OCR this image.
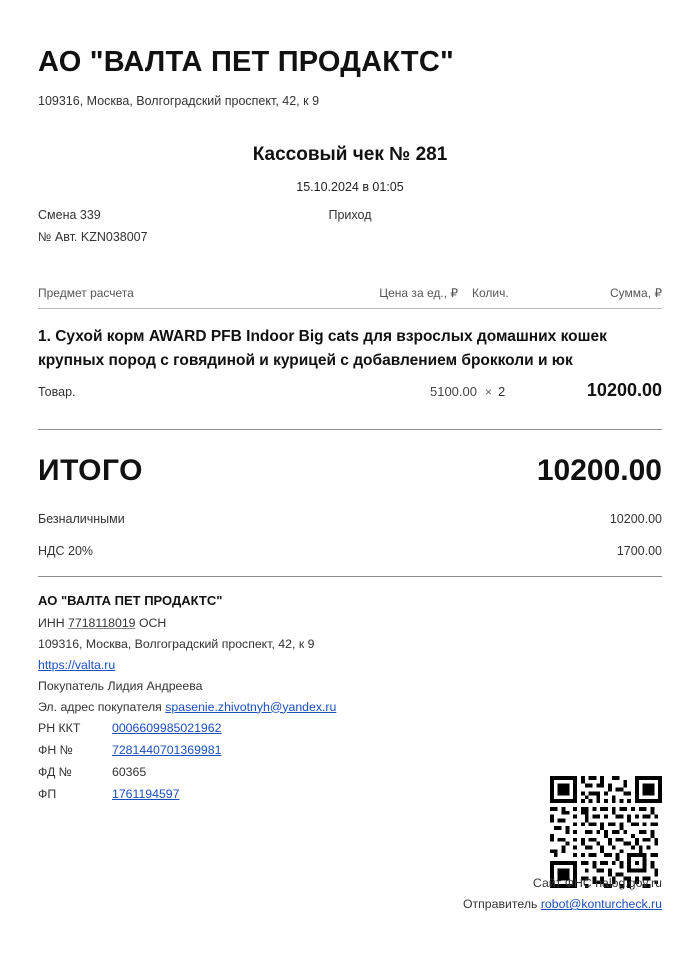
АО "ВАЛТА ПЕТ ПРОДАКТС"
109316, Москва, Волгоградский проспект, 42, к 9
Кассовый чек № 281
15.10.2024 в 01:05
Смена 339	Приход
№ Авт. KZN038007
Предмет расчета	Цена за ед., ₽	Колич.	Сумма, ₽
1. Сухой корм AWARD PFB Indoor Big cats для взрослых домашних кошек крупных пород с говядиной и курицей с добавлением брокколи и юк
Товар.	5100.00 × 2	10200.00
ИТОГО	10200.00
Безналичными	10200.00
НДС 20%	1700.00
АО "ВАЛТА ПЕТ ПРОДАКТС"
ИНН 7718118019 ОСН
109316, Москва, Волгоградский проспект, 42, к 9
https://valta.ru
Покупатель Лидия Андреева
Эл. адрес покупателя spasenie.zhivotnyh@yandex.ru
РН ККТ	0006609985021962
ФН №	7281440701369981
ФД №	60365
ФП	1761194597
Сайт ФНС nalog.gov.ru
Отправитель robot@konturcheck.ru
